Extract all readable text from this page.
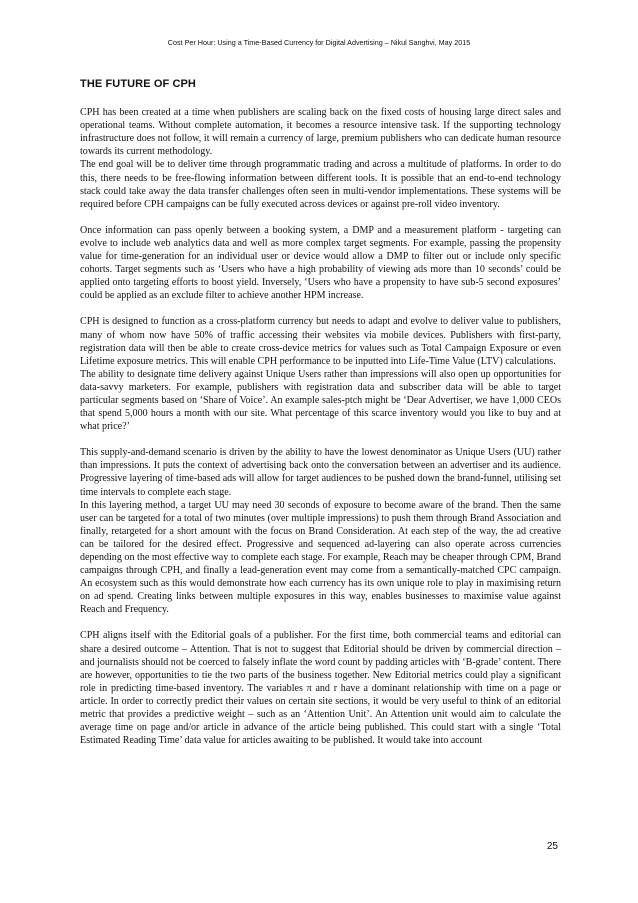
Cost Per Hour: Using a Time-Based Currency for Digital Advertising – Nikul Sanghvi, May 2015
THE FUTURE OF CPH

CPH has been created at a time when publishers are scaling back on the fixed costs of housing large direct sales and operational teams. Without complete automation, it becomes a resource intensive task. If the supporting technology infrastructure does not follow, it will remain a currency of large, premium publishers who can dedicate human resource towards its current methodology.

The end goal will be to deliver time through programmatic trading and across a multitude of platforms. In order to do this, there needs to be free-flowing information between different tools. It is possible that an end-to-end technology stack could take away the data transfer challenges often seen in multi-vendor implementations. These systems will be required before CPH campaigns can be fully executed across devices or against pre-roll video inventory.

Once information can pass openly between a booking system, a DMP and a measurement platform - targeting can evolve to include web analytics data and well as more complex target segments. For example, passing the propensity value for time-generation for an individual user or device would allow a DMP to filter out or include only specific cohorts. Target segments such as ‘Users who have a high probability of viewing ads more than 10 seconds’ could be applied onto targeting efforts to boost yield. Inversely, ‘Users who have a propensity to have sub-5 second exposures’ could be applied as an exclude filter to achieve another HPM increase.

CPH is designed to function as a cross-platform currency but needs to adapt and evolve to deliver value to publishers, many of whom now have 50% of traffic accessing their websites via mobile devices. Publishers with first-party, registration data will then be able to create cross-device metrics for values such as Total Campaign Exposure or even Lifetime exposure metrics. This will enable CPH performance to be inputted into Life-Time Value (LTV) calculations.

The ability to designate time delivery against Unique Users rather than impressions will also open up opportunities for data-savvy marketers. For example, publishers with registration data and subscriber data will be able to target particular segments based on ‘Share of Voice’. An example sales-ptch might be ‘Dear Advertiser, we have 1,000 CEOs that spend 5,000 hours a month with our site. What percentage of this scarce inventory would you like to buy and at what price?’

This supply-and-demand scenario is driven by the ability to have the lowest denominator as Unique Users (UU) rather than impressions. It puts the context of advertising back onto the conversation between an advertiser and its audience. Progressive layering of time-based ads will allow for target audiences to be pushed down the brand-funnel, utilising set time intervals to complete each stage.

In this layering method, a target UU may need 30 seconds of exposure to become aware of the brand. Then the same user can be targeted for a total of two minutes (over multiple impressions) to push them through Brand Association and finally, retargeted for a short amount with the focus on Brand Consideration. At each step of the way, the ad creative can be tailored for the desired effect. Progressive and sequenced ad-layering can also operate across currencies depending on the most effective way to complete each stage. For example, Reach may be cheaper through CPM, Brand campaigns through CPH, and finally a lead-generation event may come from a semantically-matched CPC campaign. An ecosystem such as this would demonstrate how each currency has its own unique role to play in maximising return on ad spend. Creating links between multiple exposures in this way, enables businesses to maximise value against Reach and Frequency.

CPH aligns itself with the Editorial goals of a publisher. For the first time, both commercial teams and editorial can share a desired outcome – Attention. That is not to suggest that Editorial should be driven by commercial direction – and journalists should not be coerced to falsely inflate the word count by padding articles with ‘B-grade’ content. There are however, opportunities to tie the two parts of the business together. New Editorial metrics could play a significant role in predicting time-based inventory. The variables π and r have a dominant relationship with time on a page or article. In order to correctly predict their values on certain site sections, it would be very useful to think of an editorial metric that provides a predictive weight – such as an ‘Attention Unit’. An Attention unit would aim to calculate the average time on page and/or article in advance of the article being published. This could start with a single ‘Total Estimated Reading Time’ data value for articles awaiting to be published. It would take into account

25
